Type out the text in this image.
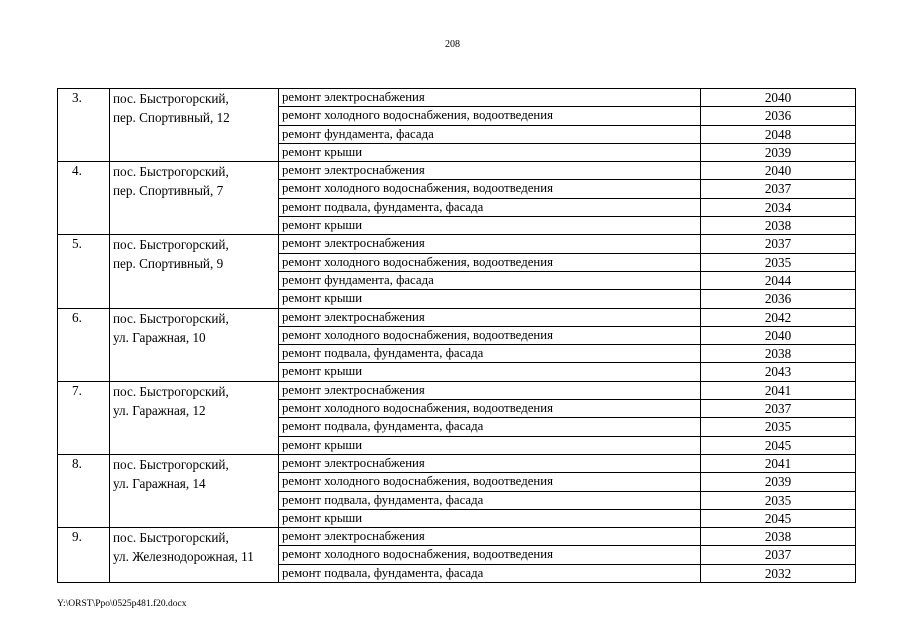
208
3.	пос. Быстрогорский,
пер. Спортивный, 12	ремонт электроснабжения	2040
		ремонт холодного водоснабжения, водоотведения	2036
		ремонт фундамента, фасада	2048
		ремонт крыши	2039
4.	пос. Быстрогорский,
пер. Спортивный, 7	ремонт электроснабжения	2040
		ремонт холодного водоснабжения, водоотведения	2037
		ремонт подвала, фундамента, фасада	2034
		ремонт крыши	2038
5.	пос. Быстрогорский,
пер. Спортивный, 9	ремонт электроснабжения	2037
		ремонт холодного водоснабжения, водоотведения	2035
		ремонт фундамента, фасада	2044
		ремонт крыши	2036
6.	пос. Быстрогорский,
ул. Гаражная, 10	ремонт электроснабжения	2042
		ремонт холодного водоснабжения, водоотведения	2040
		ремонт подвала, фундамента, фасада	2038
		ремонт крыши	2043
7.	пос. Быстрогорский,
ул. Гаражная, 12	ремонт электроснабжения	2041
		ремонт холодного водоснабжения, водоотведения	2037
		ремонт подвала, фундамента, фасада	2035
		ремонт крыши	2045
8.	пос. Быстрогорский,
ул. Гаражная, 14	ремонт электроснабжения	2041
		ремонт холодного водоснабжения, водоотведения	2039
		ремонт подвала, фундамента, фасада	2035
		ремонт крыши	2045
9.	пос. Быстрогорский,
ул. Железнодорожная, 11	ремонт электроснабжения	2038
		ремонт холодного водоснабжения, водоотведения	2037
		ремонт подвала, фундамента, фасада	2032
Y:\ORST\Ppo\0525p481.f20.docx
